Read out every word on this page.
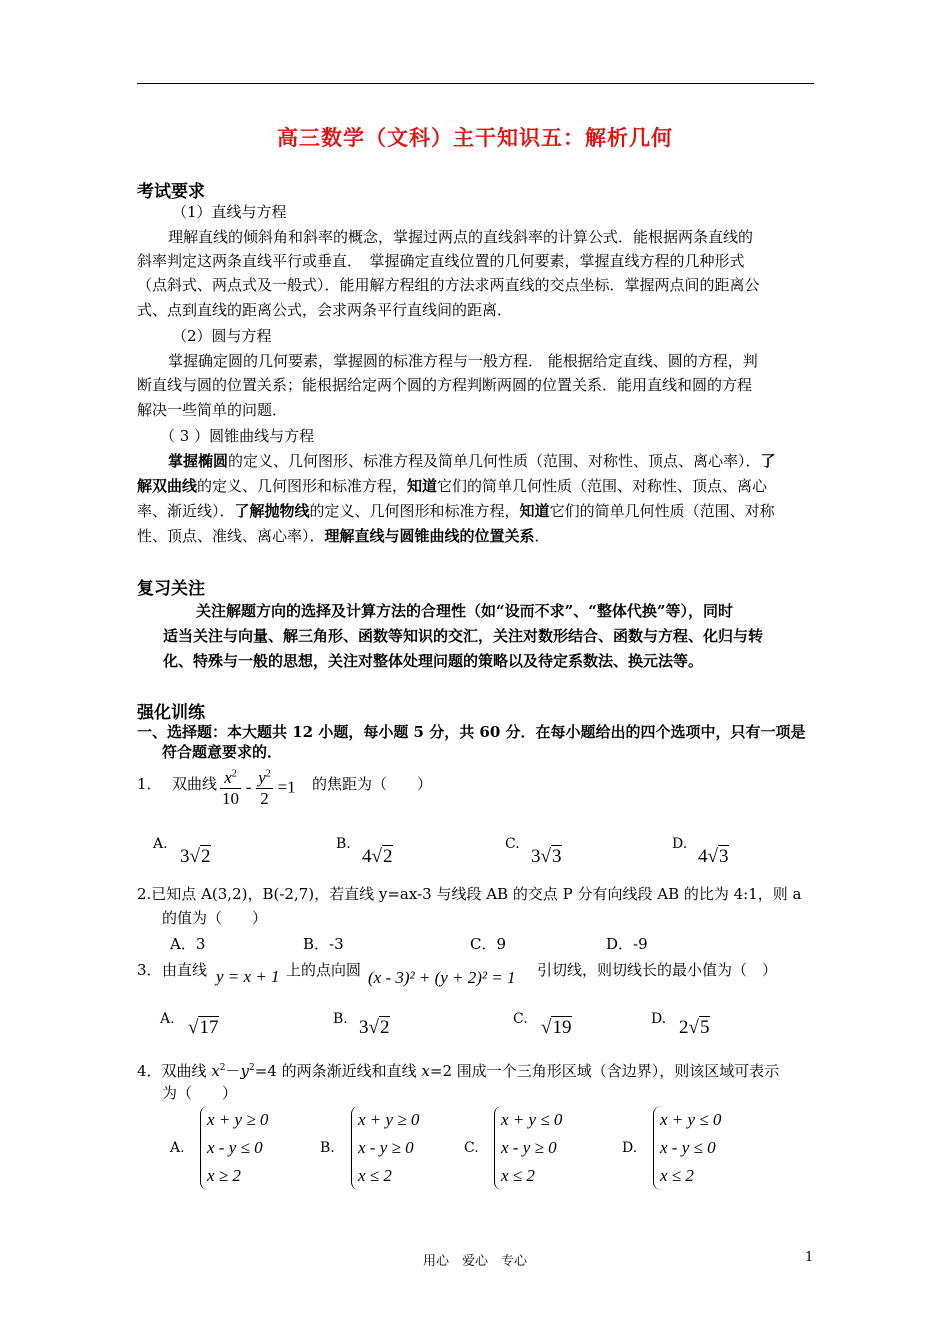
高三数学（文科）主干知识五：解析几何
考试要求
（1）直线与方程
理解直线的倾斜角和斜率的概念，掌握过两点的直线斜率的计算公式．能根据两条直线的
斜率判定这两条直线平行或垂直．　掌握确定直线位置的几何要素，掌握直线方程的几种形式
（点斜式、两点式及一般式）．能用解方程组的方法求两直线的交点坐标．掌握两点间的距离公
式、点到直线的距离公式，会求两条平行直线间的距离．
（2）圆与方程
掌握确定圆的几何要素，掌握圆的标准方程与一般方程． 能根据给定直线、圆的方程，判
断直线与圆的位置关系；能根据给定两个圆的方程判断两圆的位置关系．能用直线和圆的方程
解决一些简单的问题．
（ 3 ）圆锥曲线与方程
掌握椭圆的定义、几何图形、标准方程及简单几何性质（范围、对称性、顶点、离心率）．了
解双曲线的定义、几何图形和标准方程，知道它们的简单几何性质（范围、对称性、顶点、离心
率、渐近线）．了解抛物线的定义、几何图形和标准方程，知道它们的简单几何性质（范围、对称
性、顶点、准线、离心率）．理解直线与圆锥曲线的位置关系．
复习关注
关注解题方向的选择及计算方法的合理性（如“设而不求”、“整体代换”等），同时
适当关注与向量、解三角形、函数等知识的交汇，关注对数形结合、函数与方程、化归与转
化、特殊与一般的思想，关注对整体处理问题的策略以及待定系数法、换元法等。
强化训练
一、选择题：本大题共 12 小题，每小题 5 分，共 60 分．在每小题给出的四个选项中，只有一项是
符合题意要求的．
1． 双曲线 $\frac{x^2}{10} - \frac{y^2}{2} =1$ 的焦距为（　　）
A.
3√2
B.
4√2
C.
3√3
D.
4√3
2.已知点 A(3,2)，B(-2,7)，若直线 y=ax-3 与线段 AB 的交点 P 分有向线段 AB 的比为 4:1，则 a
的值为（　　）
A．3	B．-3	C．9	D．-9
3． 由直线 y = x + 1 上的点向圆 (x - 3)² + (y + 2)² = 1 引切线，则切线长的最小值为（　）
A. √17	B. 3√2	C. √19	D. 2√5
4．双曲线 $x^2-y^2=4$ 的两条渐近线和直线 x=2 围成一个三角形区域（含边界），则该区域可表示
为（　　）
A.
x + y ≥ 0
x - y ≤ 0
x ≥ 2
B.
x + y ≥ 0
x - y ≥ 0
x ≤ 2
C.
x + y ≤ 0
x - y ≥ 0
x ≤ 2
D.
x + y ≤ 0
x - y ≤ 0
x ≤ 2
用心　爱心　专心	1
